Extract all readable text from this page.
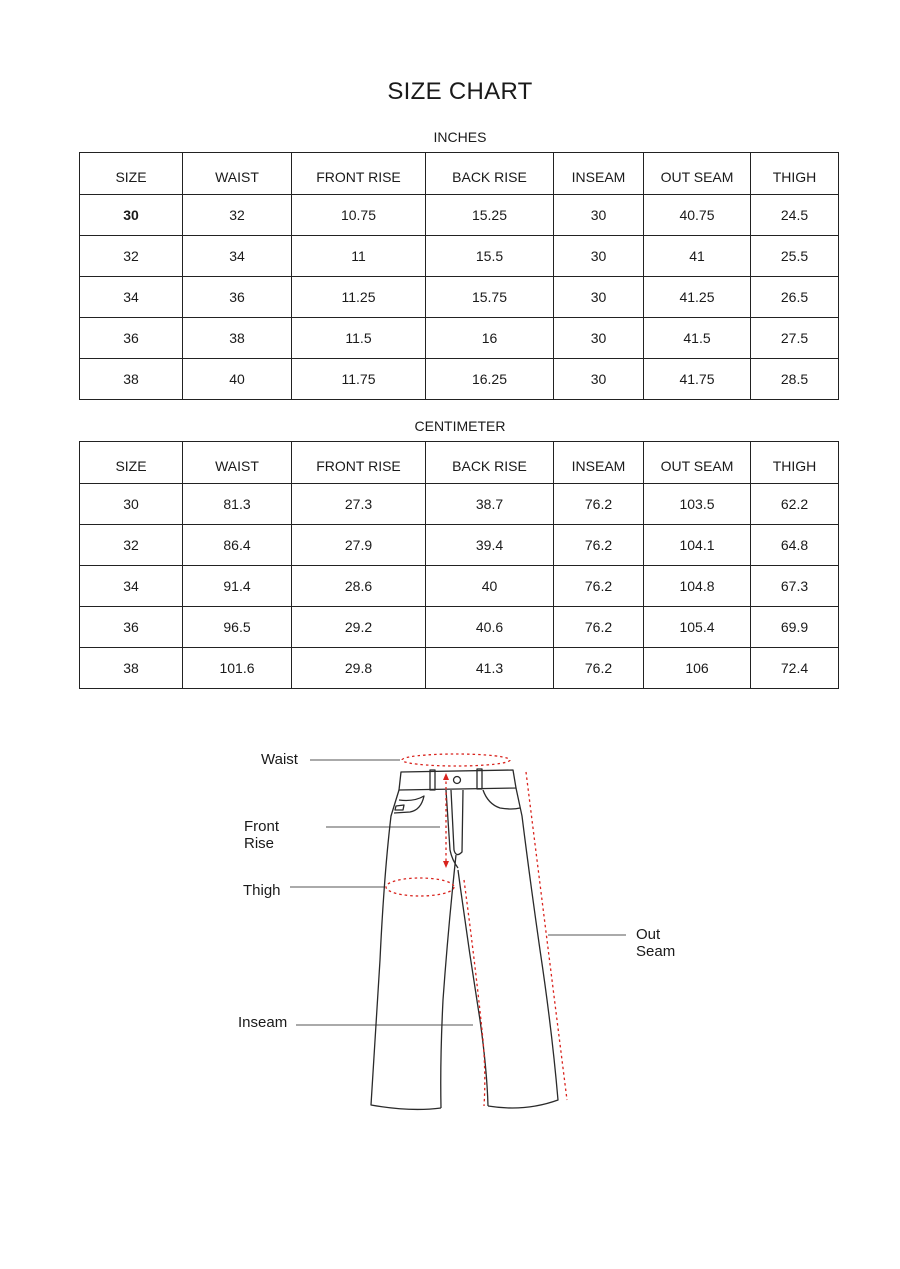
SIZE CHART
INCHES
SIZE	WAIST	FRONT RISE	BACK RISE	INSEAM	OUT SEAM	THIGH
30	32	10.75	15.25	30	40.75	24.5
32	34	11	15.5	30	41	25.5
34	36	11.25	15.75	30	41.25	26.5
36	38	11.5	16	30	41.5	27.5
38	40	11.75	16.25	30	41.75	28.5
CENTIMETER
SIZE	WAIST	FRONT RISE	BACK RISE	INSEAM	OUT SEAM	THIGH
30	81.3	27.3	38.7	76.2	103.5	62.2
32	86.4	27.9	39.4	76.2	104.1	64.8
34	91.4	28.6	40	76.2	104.8	67.3
36	96.5	29.2	40.6	76.2	105.4	69.9
38	101.6	29.8	41.3	76.2	106	72.4
Waist
Front Rise
Thigh
Out Seam
Inseam
